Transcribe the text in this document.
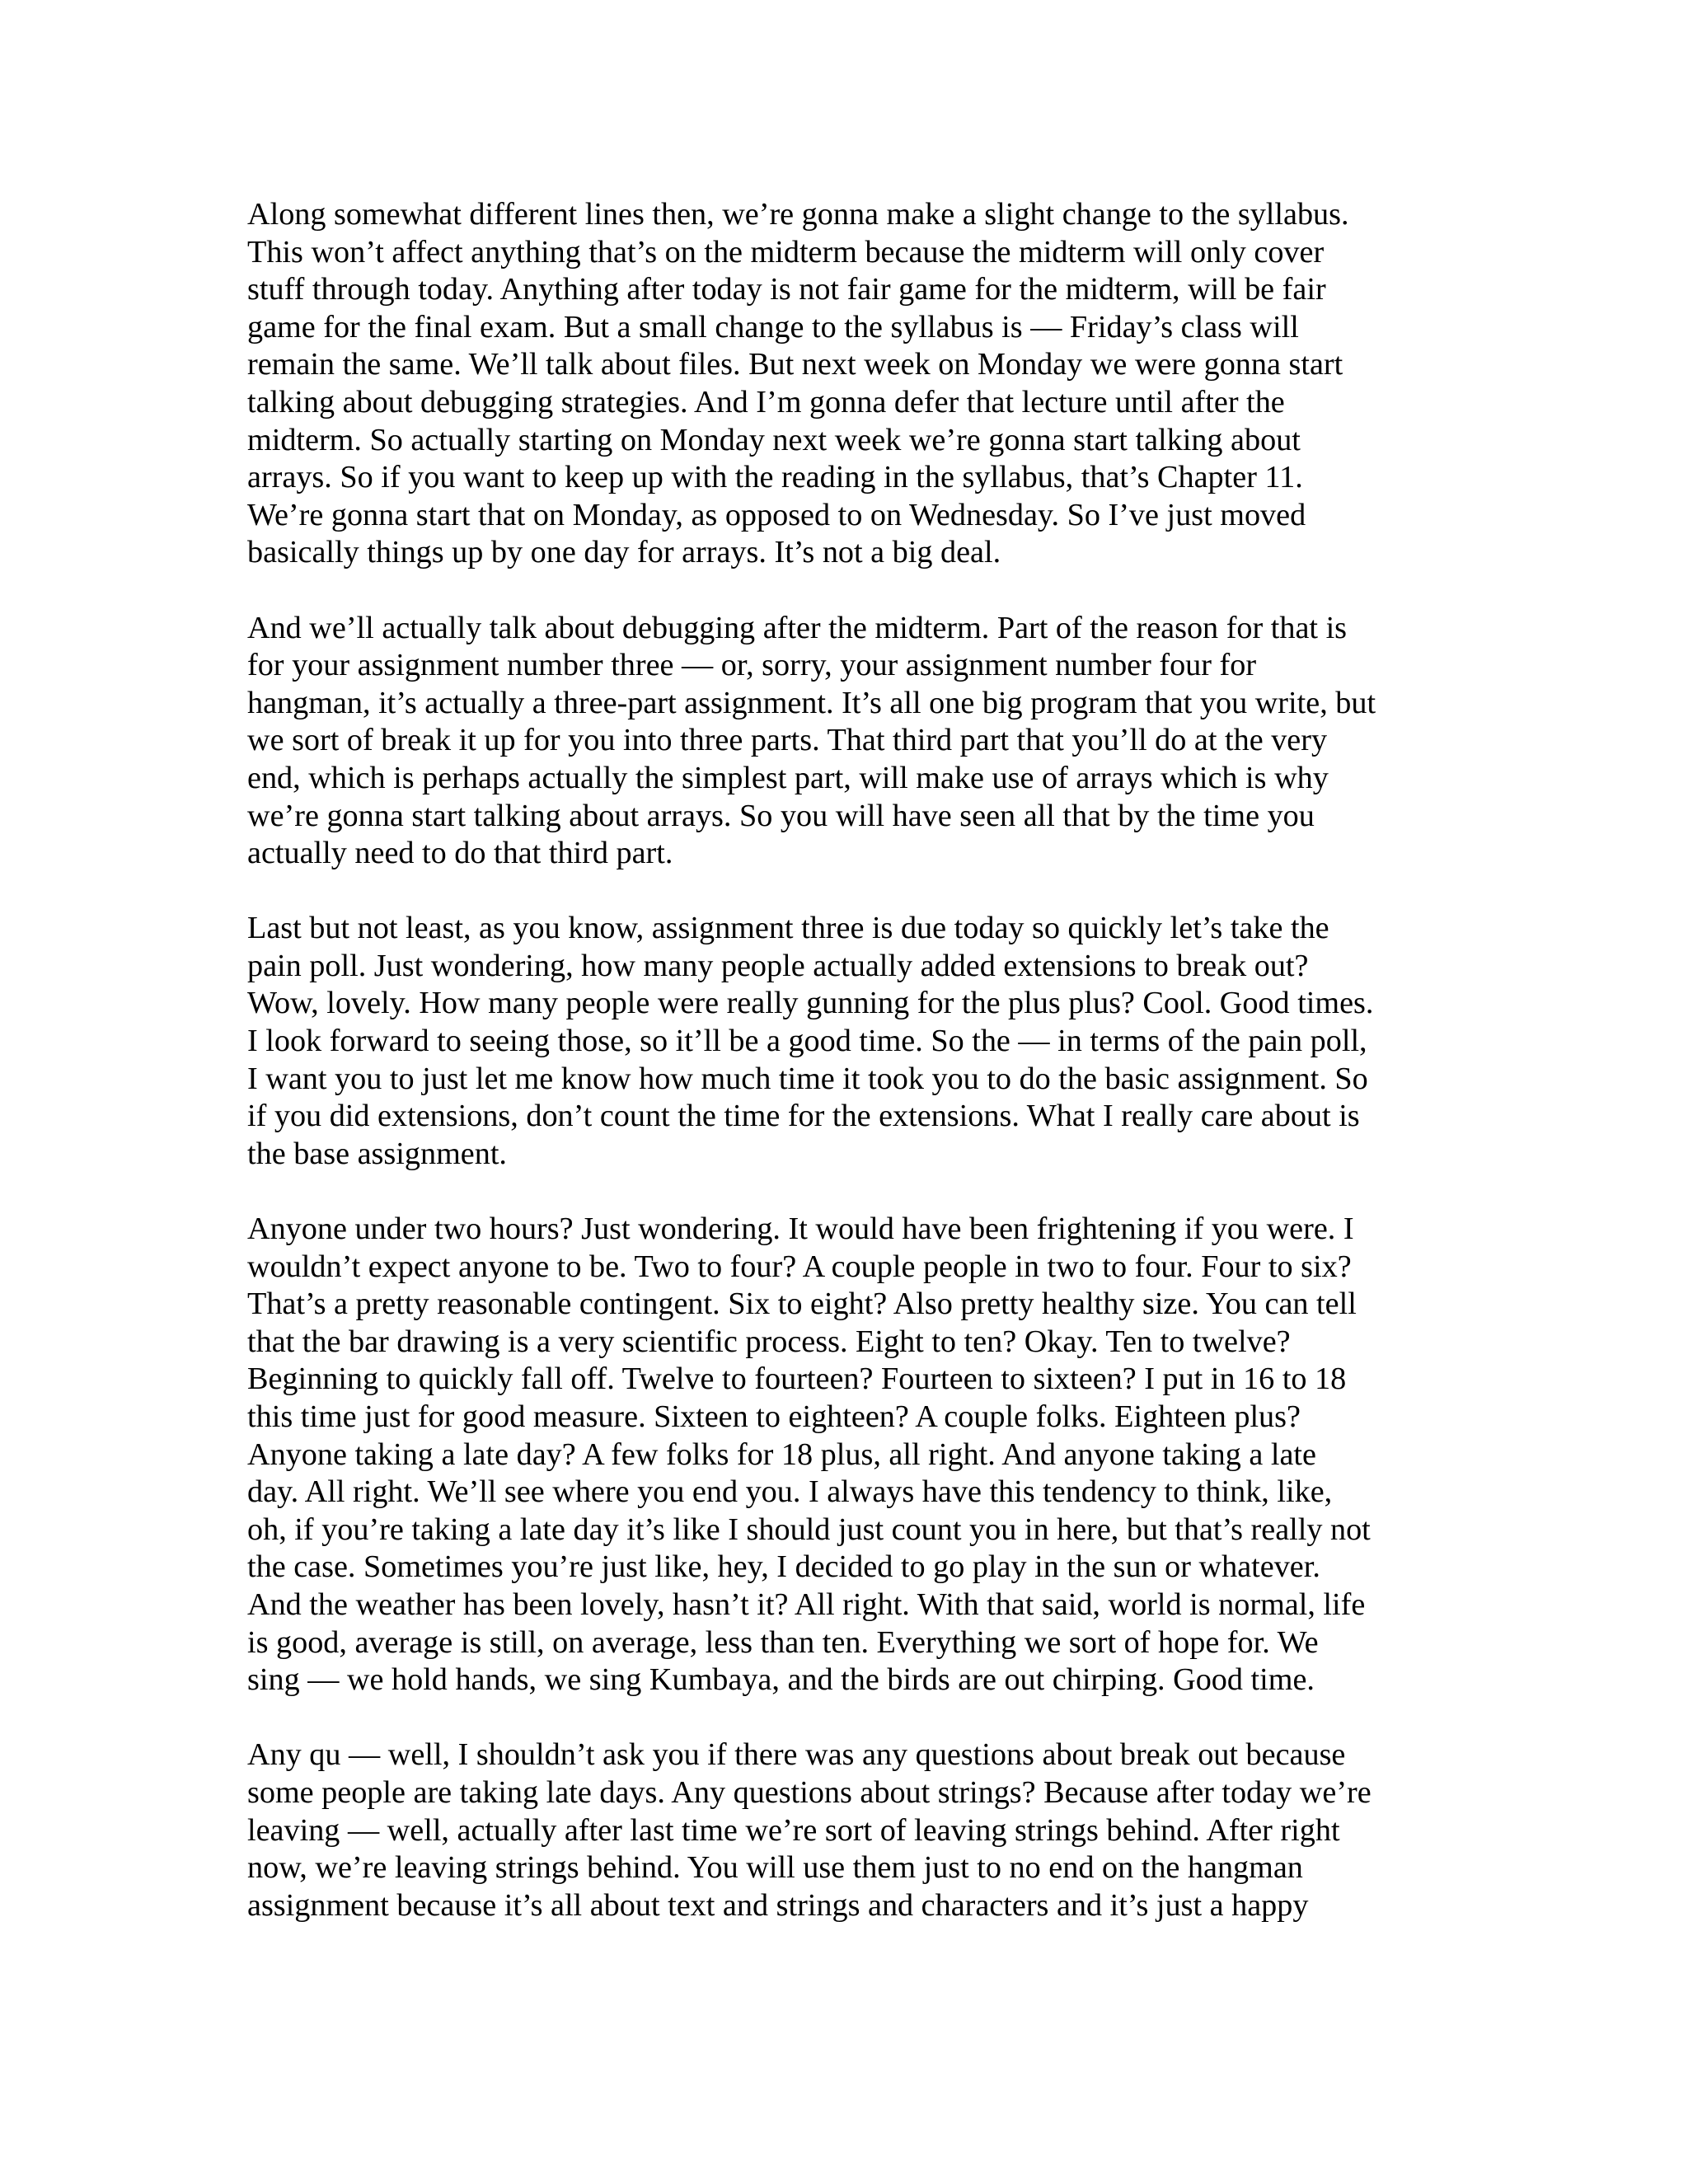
Along somewhat different lines then, we’re gonna make a slight change to the syllabus.
This won’t affect anything that’s on the midterm because the midterm will only cover
stuff through today. Anything after today is not fair game for the midterm, will be fair
game for the final exam. But a small change to the syllabus is — Friday’s class will
remain the same. We’ll talk about files. But next week on Monday we were gonna start
talking about debugging strategies. And I’m gonna defer that lecture until after the
midterm. So actually starting on Monday next week we’re gonna start talking about
arrays. So if you want to keep up with the reading in the syllabus, that’s Chapter 11.
We’re gonna start that on Monday, as opposed to on Wednesday. So I’ve just moved
basically things up by one day for arrays. It’s not a big deal.
And we’ll actually talk about debugging after the midterm. Part of the reason for that is
for your assignment number three — or, sorry, your assignment number four for
hangman, it’s actually a three-part assignment. It’s all one big program that you write, but
we sort of break it up for you into three parts. That third part that you’ll do at the very
end, which is perhaps actually the simplest part, will make use of arrays which is why
we’re gonna start talking about arrays. So you will have seen all that by the time you
actually need to do that third part.
Last but not least, as you know, assignment three is due today so quickly let’s take the
pain poll. Just wondering, how many people actually added extensions to break out?
Wow, lovely. How many people were really gunning for the plus plus? Cool. Good times.
I look forward to seeing those, so it’ll be a good time. So the — in terms of the pain poll,
I want you to just let me know how much time it took you to do the basic assignment. So
if you did extensions, don’t count the time for the extensions. What I really care about is
the base assignment.
Anyone under two hours? Just wondering. It would have been frightening if you were. I
wouldn’t expect anyone to be. Two to four? A couple people in two to four. Four to six?
That’s a pretty reasonable contingent. Six to eight? Also pretty healthy size. You can tell
that the bar drawing is a very scientific process. Eight to ten? Okay. Ten to twelve?
Beginning to quickly fall off. Twelve to fourteen? Fourteen to sixteen? I put in 16 to 18
this time just for good measure. Sixteen to eighteen? A couple folks. Eighteen plus?
Anyone taking a late day? A few folks for 18 plus, all right. And anyone taking a late
day. All right. We’ll see where you end you. I always have this tendency to think, like,
oh, if you’re taking a late day it’s like I should just count you in here, but that’s really not
the case. Sometimes you’re just like, hey, I decided to go play in the sun or whatever.
And the weather has been lovely, hasn’t it? All right. With that said, world is normal, life
is good, average is still, on average, less than ten. Everything we sort of hope for. We
sing — we hold hands, we sing Kumbaya, and the birds are out chirping. Good time.
Any qu — well, I shouldn’t ask you if there was any questions about break out because
some people are taking late days. Any questions about strings? Because after today we’re
leaving — well, actually after last time we’re sort of leaving strings behind. After right
now, we’re leaving strings behind. You will use them just to no end on the hangman
assignment because it’s all about text and strings and characters and it’s just a happy
